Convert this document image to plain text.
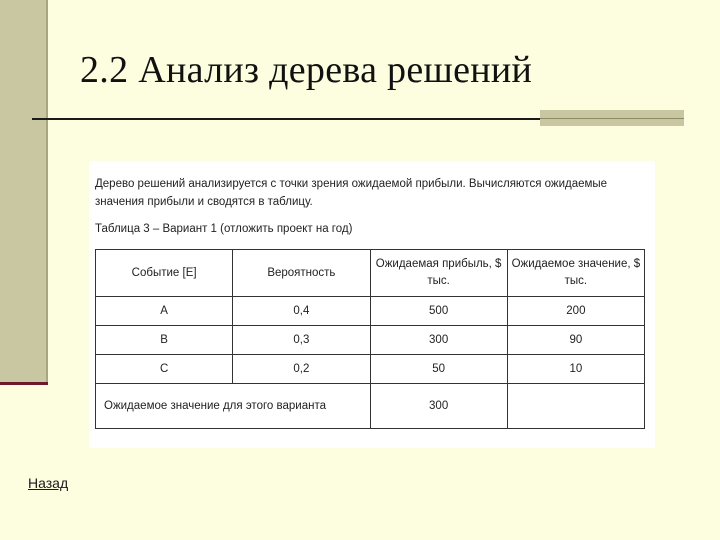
2.2 Анализ дерева решений
Дерево решений анализируется с точки зрения ожидаемой прибыли. Вычисляются ожидаемые значения прибыли и сводятся в таблицу.
Таблица 3 – Вариант 1 (отложить проект на год)
Событие [E]	Вероятность	Ожидаемая прибыль, $ тыс.	Ожидаемое значение, $ тыс.
A	0,4	500	200
B	0,3	300	90
C	0,2	50	10
Ожидаемое значение для этого варианта		300	
Назад
